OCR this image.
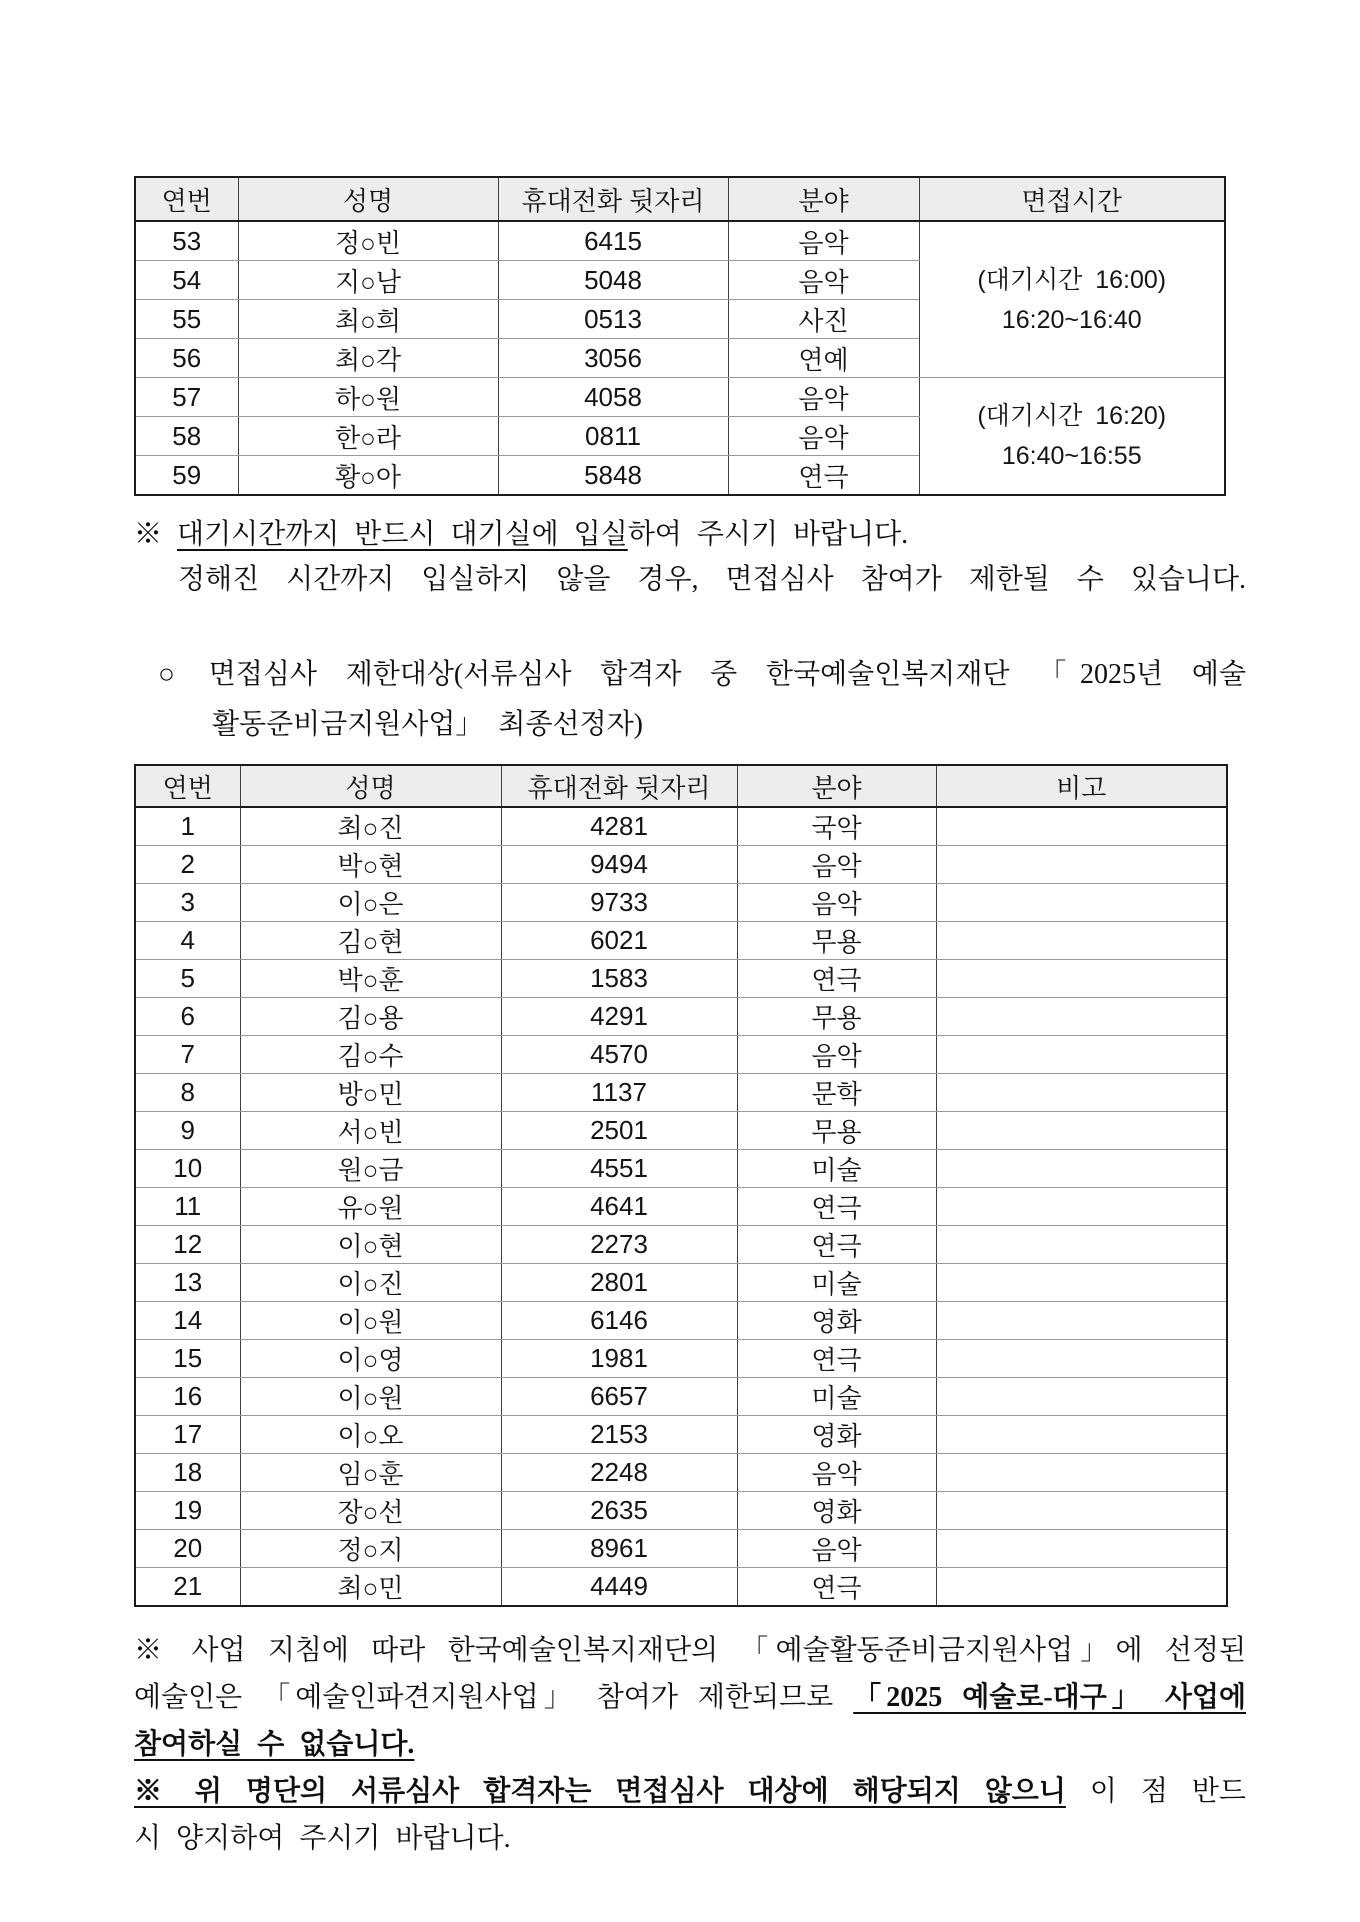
연번	성명	휴대전화 뒷자리	분야	면접시간
53	정○빈	6415	음악	(대기시간 16:00)
16:20~16:40

54	지○남	5048	음악	
55	최○희	0513	사진	
56	최○각	3056	연예	
57	하○원	4058	음악	(대기시간 16:20)
16:40~16:55

58	한○라	0811	음악	
59	황○아	5848	연극	
※ 대기시간까지 반드시 대기실에 입실하여 주시기 바랍니다.
정해진 시간까지 입실하지 않을 경우, 면접심사 참여가 제한될 수 있습니다.
○ 면접심사 제한대상(서류심사 합격자 중 한국예술인복지재단 「2025년 예술
활동준비금지원사업」 최종선정자)
연번	성명	휴대전화 뒷자리	분야	비고
1	최○진	4281	국악	
2	박○현	9494	음악	
3	이○은	9733	음악	
4	김○현	6021	무용	
5	박○훈	1583	연극	
6	김○용	4291	무용	
7	김○수	4570	음악	
8	방○민	1137	문학	
9	서○빈	2501	무용	
10	원○금	4551	미술	
11	유○원	4641	연극	
12	이○현	2273	연극	
13	이○진	2801	미술	
14	이○원	6146	영화	
15	이○영	1981	연극	
16	이○원	6657	미술	
17	이○오	2153	영화	
18	임○훈	2248	음악	
19	장○선	2635	영화	
20	정○지	8961	음악	
21	최○민	4449	연극	
※ 사업 지침에 따라 한국예술인복지재단의 「예술활동준비금지원사업」에 선정된
예술인은 「예술인파견지원사업」 참여가 제한되므로 「2025 예술로-대구」 사업에
참여하실 수 없습니다.
※ 위 명단의 서류심사 합격자는 면접심사 대상에 해당되지 않으니 이 점 반드
시 양지하여 주시기 바랍니다.
